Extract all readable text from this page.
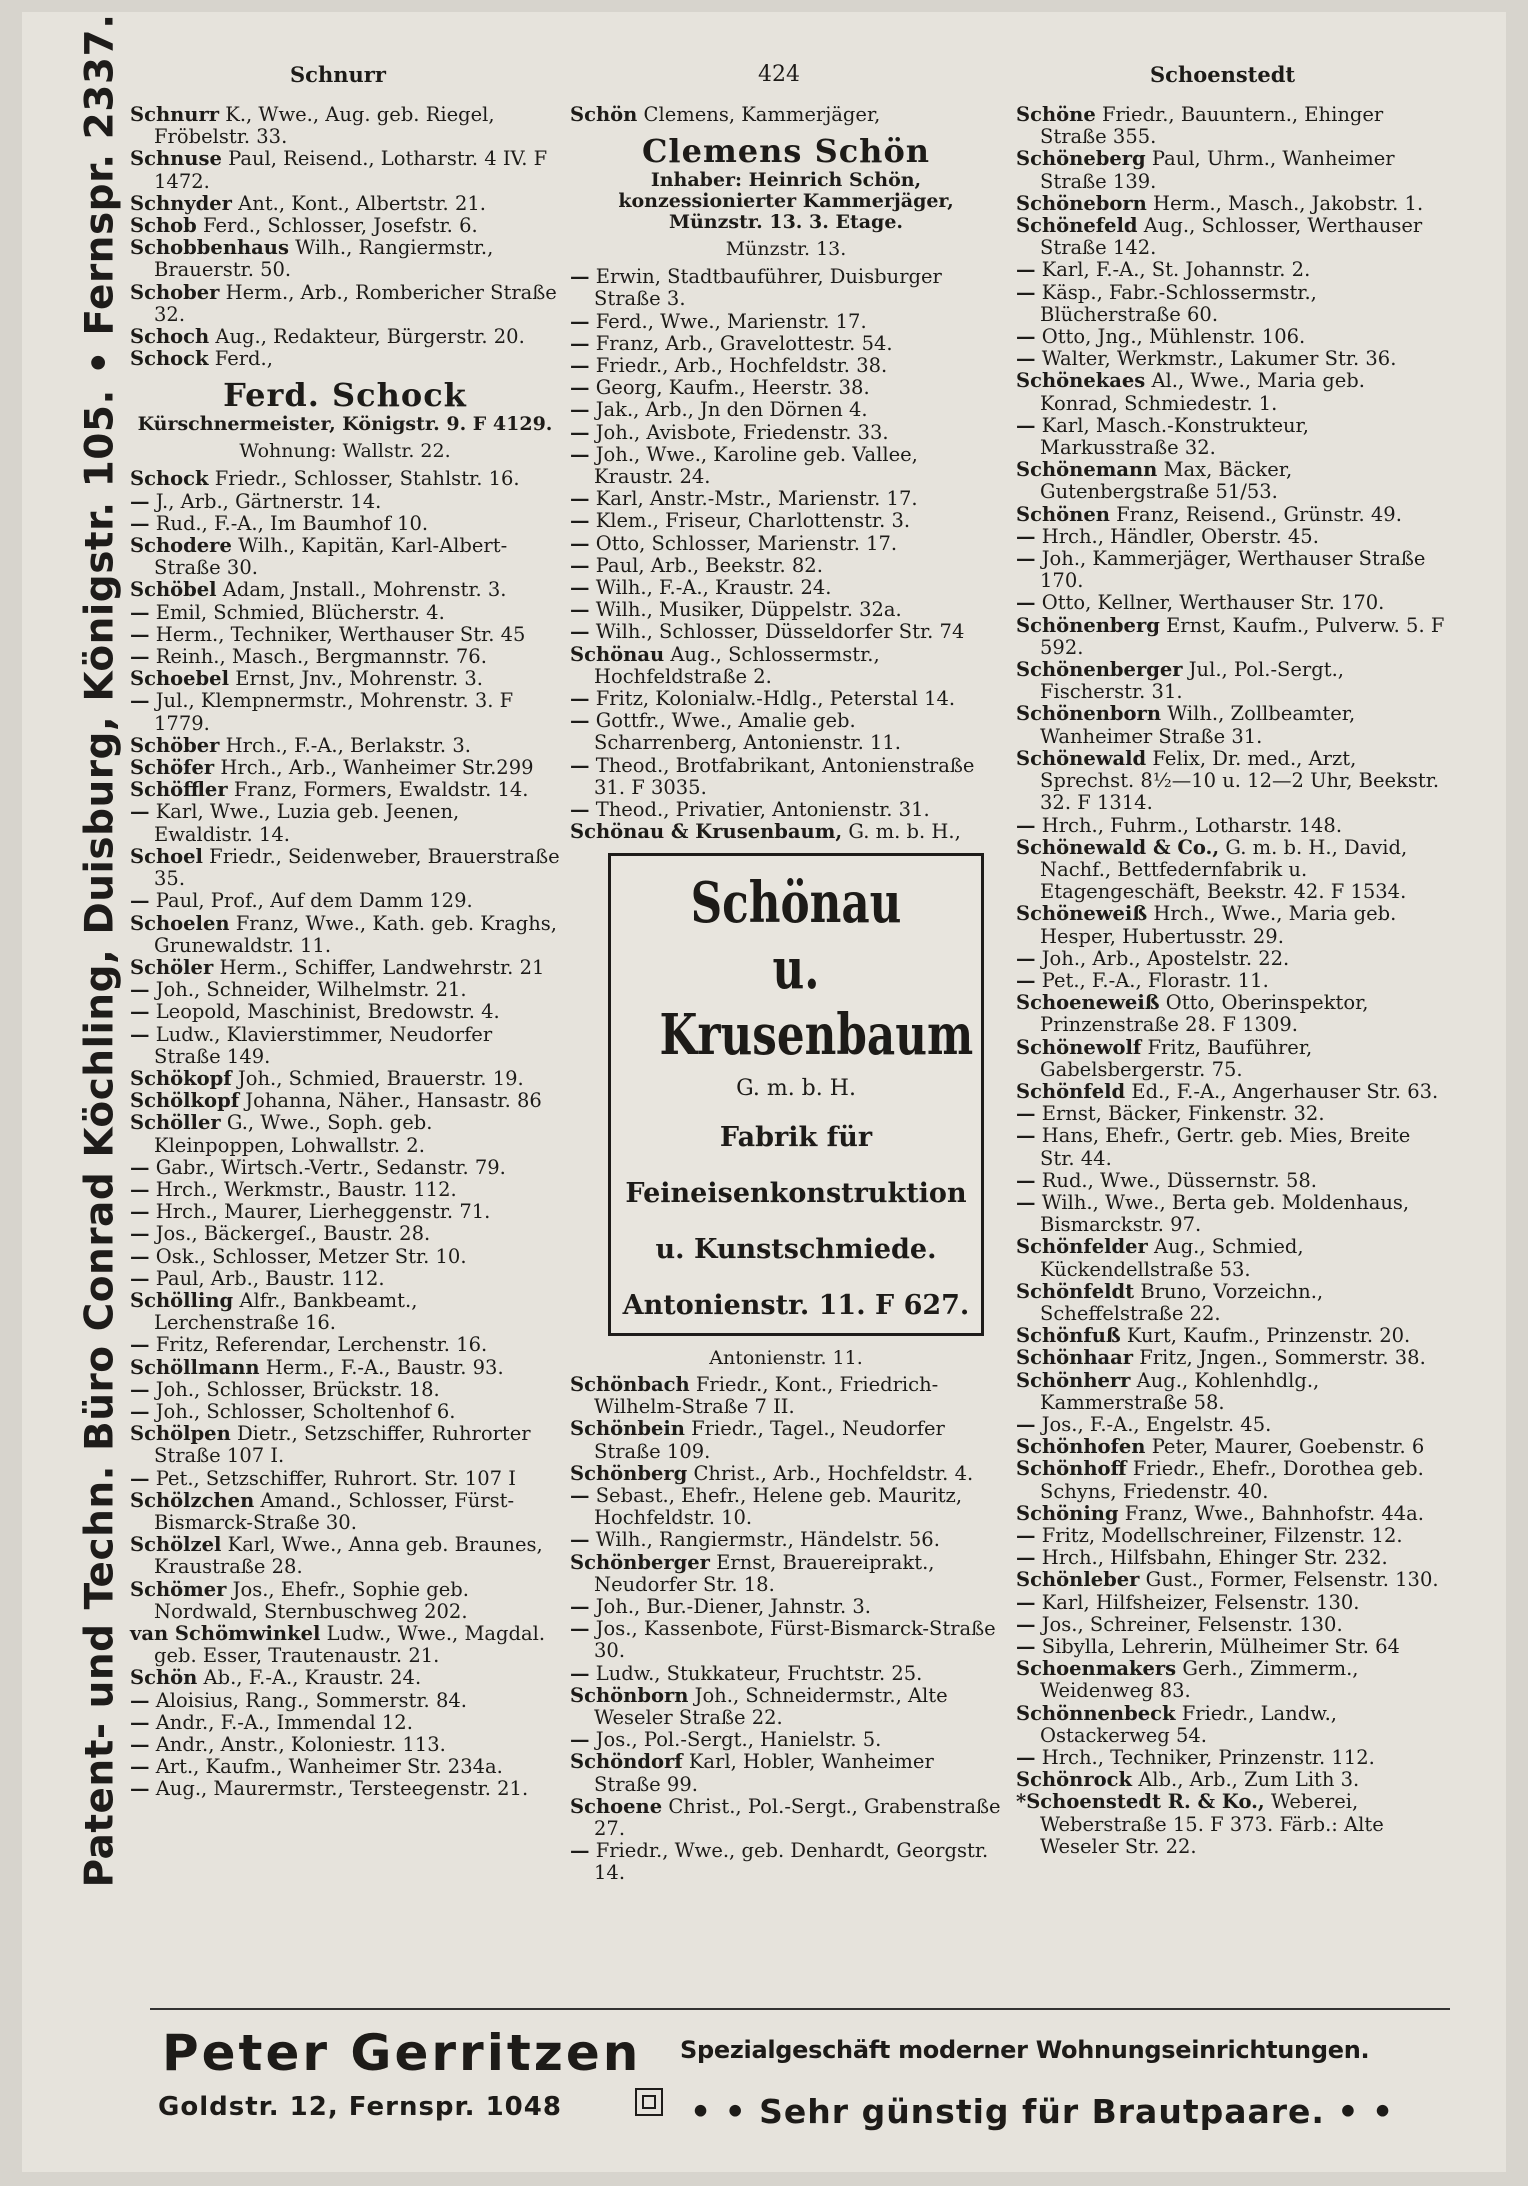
Patent- und Techn. Büro Conrad Köchling, Duisburg, Königstr. 105. • Fernspr. 2337.	Schnurr	424	Schoenstedt
Schnurr K., Wwe., Aug. geb. Riegel, Fröbelstr. 33.
Schnuse Paul, Reisend., Lotharstr. 4 IV. F 1472.
Schnyder Ant., Kont., Albertstr. 21.
Schob Ferd., Schlosser, Josefstr. 6.
Schobbenhaus Wilh., Rangiermstr., Brauerstr. 50.
Schober Herm., Arb., Rombericher Straße 32.
Schoch Aug., Redakteur, Bürgerstr. 20.
Schock Ferd.,
Ferd. Schock
Kürschnermeister, Königstr. 9. F 4129.
Wohnung: Wallstr. 22.
Schock Friedr., Schlosser, Stahlstr. 16.
— J., Arb., Gärtnerstr. 14.
— Rud., F.-A., Im Baumhof 10.
Schodere Wilh., Kapitän, Karl-Albert-Straße 30.
Schöbel Adam, Jnstall., Mohrenstr. 3.
— Emil, Schmied, Blücherstr. 4.
— Herm., Techniker, Werthauser Str. 45
— Reinh., Masch., Bergmannstr. 76.
Schoebel Ernst, Jnv., Mohrenstr. 3.
— Jul., Klempnermstr., Mohrenstr. 3. F 1779.
Schöber Hrch., F.-A., Berlakstr. 3.
Schöfer Hrch., Arb., Wanheimer Str.299
Schöffler Franz, Formers, Ewaldstr. 14.
— Karl, Wwe., Luzia geb. Jeenen, Ewaldistr. 14.
Schoel Friedr., Seidenweber, Brauerstraße 35.
— Paul, Prof., Auf dem Damm 129.
Schoelen Franz, Wwe., Kath. geb. Kraghs, Grunewaldstr. 11.
Schöler Herm., Schiffer, Landwehrstr. 21
— Joh., Schneider, Wilhelmstr. 21.
— Leopold, Maschinist, Bredowstr. 4.
— Ludw., Klavierstimmer, Neudorfer Straße 149.
Schökopf Joh., Schmied, Brauerstr. 19.
Schölkopf Johanna, Näher., Hansastr. 86
Schöller G., Wwe., Soph. geb. Kleinpoppen, Lohwallstr. 2.
— Gabr., Wirtsch.-Vertr., Sedanstr. 79.
— Hrch., Werkmstr., Baustr. 112.
— Hrch., Maurer, Lierheggenstr. 71.
— Jos., Bäckergeſ., Baustr. 28.
— Osk., Schlosser, Metzer Str. 10.
— Paul, Arb., Baustr. 112.
Schölling Alfr., Bankbeamt., Lerchenstraße 16.
— Fritz, Referendar, Lerchenstr. 16.
Schöllmann Herm., F.-A., Baustr. 93.
— Joh., Schlosser, Brückstr. 18.
— Joh., Schlosser, Scholtenhof 6.
Schölpen Dietr., Setzschiffer, Ruhrorter Straße 107 I.
— Pet., Setzschiffer, Ruhrort. Str. 107 I
Schölzchen Amand., Schlosser, Fürst-Bismarck-Straße 30.
Schölzel Karl, Wwe., Anna geb. Braunes, Kraustraße 28.
Schömer Jos., Ehefr., Sophie geb. Nordwald, Sternbuschweg 202.
van Schömwinkel Ludw., Wwe., Magdal. geb. Esser, Trautenaustr. 21.
Schön Ab., F.-A., Kraustr. 24.
— Aloisius, Rang., Sommerstr. 84.
— Andr., F.-A., Immendal 12.
— Andr., Anstr., Koloniestr. 113.
— Art., Kaufm., Wanheimer Str. 234a.
— Aug., Maurermstr., Tersteegenstr. 21.
Schön Clemens, Kammerjäger,
Clemens Schön
Inhaber: Heinrich Schön, konzessionierter Kammerjäger, Münzstr. 13. 3. Etage.
Münzstr. 13.
— Erwin, Stadtbauführer, Duisburger Straße 3.
— Ferd., Wwe., Marienstr. 17.
— Franz, Arb., Gravelottestr. 54.
— Friedr., Arb., Hochfeldstr. 38.
— Georg, Kaufm., Heerstr. 38.
— Jak., Arb., Jn den Dörnen 4.
— Joh., Avisbote, Friedenstr. 33.
— Joh., Wwe., Karoline geb. Vallee, Kraustr. 24.
— Karl, Anstr.-Mstr., Marienstr. 17.
— Klem., Friseur, Charlottenstr. 3.
— Otto, Schlosser, Marienstr. 17.
— Paul, Arb., Beekstr. 82.
— Wilh., F.-A., Kraustr. 24.
— Wilh., Musiker, Düppelstr. 32a.
— Wilh., Schlosser, Düsseldorfer Str. 74
Schönau Aug., Schlossermstr., Hochfeldstraße 2.
— Fritz, Kolonialw.-Hdlg., Peterstal 14.
— Gottfr., Wwe., Amalie geb. Scharrenberg, Antonienstr. 11.
— Theod., Brotfabrikant, Antonienstraße 31. F 3035.
— Theod., Privatier, Antonienstr. 31.
Schönau & Krusenbaum, G. m. b. H.,
Schönau
u. Krusenbaum
G. m. b. H.
Fabrik für
Feineisenkonstruktion
u. Kunstschmiede.
Antonienstr. 11. F 627.
Antonienstr. 11.
Schönbach Friedr., Kont., Friedrich-Wilhelm-Straße 7 II.
Schönbein Friedr., Tagel., Neudorfer Straße 109.
Schönberg Christ., Arb., Hochfeldstr. 4.
— Sebast., Ehefr., Helene geb. Mauritz, Hochfeldstr. 10.
— Wilh., Rangiermstr., Händelstr. 56.
Schönberger Ernst, Brauereiprakt., Neudorfer Str. 18.
— Joh., Bur.-Diener, Jahnstr. 3.
— Jos., Kassenbote, Fürst-Bismarck-Straße 30.
— Ludw., Stukkateur, Fruchtstr. 25.
Schönborn Joh., Schneidermstr., Alte Weseler Straße 22.
— Jos., Pol.-Sergt., Hanielstr. 5.
Schöndorf Karl, Hobler, Wanheimer Straße 99.
Schoene Christ., Pol.-Sergt., Grabenstraße 27.
— Friedr., Wwe., geb. Denhardt, Georgstr. 14.
Schöne Friedr., Bauuntern., Ehinger Straße 355.
Schöneberg Paul, Uhrm., Wanheimer Straße 139.
Schöneborn Herm., Masch., Jakobstr. 1.
Schönefeld Aug., Schlosser, Werthauser Straße 142.
— Karl, F.-A., St. Johannstr. 2.
— Käsp., Fabr.-Schlossermstr., Blücherstraße 60.
— Otto, Jng., Mühlenstr. 106.
— Walter, Werkmstr., Lakumer Str. 36.
Schönekaes Al., Wwe., Maria geb. Konrad, Schmiedestr. 1.
— Karl, Masch.-Konstrukteur, Markusstraße 32.
Schönemann Max, Bäcker, Gutenbergstraße 51/53.
Schönen Franz, Reisend., Grünstr. 49.
— Hrch., Händler, Oberstr. 45.
— Joh., Kammerjäger, Werthauser Straße 170.
— Otto, Kellner, Werthauser Str. 170.
Schönenberg Ernst, Kaufm., Pulverw. 5. F 592.
Schönenberger Jul., Pol.-Sergt., Fischerstr. 31.
Schönenborn Wilh., Zollbeamter, Wanheimer Straße 31.
Schönewald Felix, Dr. med., Arzt, Sprechst. 8½—10 u. 12—2 Uhr, Beekstr. 32. F 1314.
— Hrch., Fuhrm., Lotharstr. 148.
Schönewald & Co., G. m. b. H., David, Nachf., Bettfedernfabrik u. Etagengeschäft, Beekstr. 42. F 1534.
Schöneweiß Hrch., Wwe., Maria geb. Hesper, Hubertusstr. 29.
— Joh., Arb., Apostelstr. 22.
— Pet., F.-A., Florastr. 11.
Schoeneweiß Otto, Oberinspektor, Prinzenstraße 28. F 1309.
Schönewolf Fritz, Bauführer, Gabelsbergerstr. 75.
Schönfeld Ed., F.-A., Angerhauser Str. 63.
— Ernst, Bäcker, Finkenstr. 32.
— Hans, Ehefr., Gertr. geb. Mies, Breite Str. 44.
— Rud., Wwe., Düssernstr. 58.
— Wilh., Wwe., Berta geb. Moldenhaus, Bismarckstr. 97.
Schönfelder Aug., Schmied, Kückendellstraße 53.
Schönfeldt Bruno, Vorzeichn., Scheffelstraße 22.
Schönfuß Kurt, Kaufm., Prinzenstr. 20.
Schönhaar Fritz, Jngen., Sommerstr. 38.
Schönherr Aug., Kohlenhdlg., Kammerstraße 58.
— Jos., F.-A., Engelstr. 45.
Schönhofen Peter, Maurer, Goebenstr. 6
Schönhoff Friedr., Ehefr., Dorothea geb. Schyns, Friedenstr. 40.
Schöning Franz, Wwe., Bahnhofstr. 44a.
— Fritz, Modellschreiner, Filzenstr. 12.
— Hrch., Hilfsbahn, Ehinger Str. 232.
Schönleber Gust., Former, Felsenstr. 130.
— Karl, Hilfsheizer, Felsenstr. 130.
— Jos., Schreiner, Felsenstr. 130.
— Sibylla, Lehrerin, Mülheimer Str. 64
Schoenmakers Gerh., Zimmerm., Weidenweg 83.
Schönnenbeck Friedr., Landw., Ostackerweg 54.
— Hrch., Techniker, Prinzenstr. 112.
Schönrock Alb., Arb., Zum Lith 3.
*Schoenstedt R. & Ko., Weberei, Weberstraße 15. F 373. Färb.: Alte Weseler Str. 22.
Peter Gerritzen
Goldstr. 12, Fernspr. 1048
Spezialgeschäft moderner Wohnungseinrichtungen.
• • Sehr günstig für Brautpaare. • •
